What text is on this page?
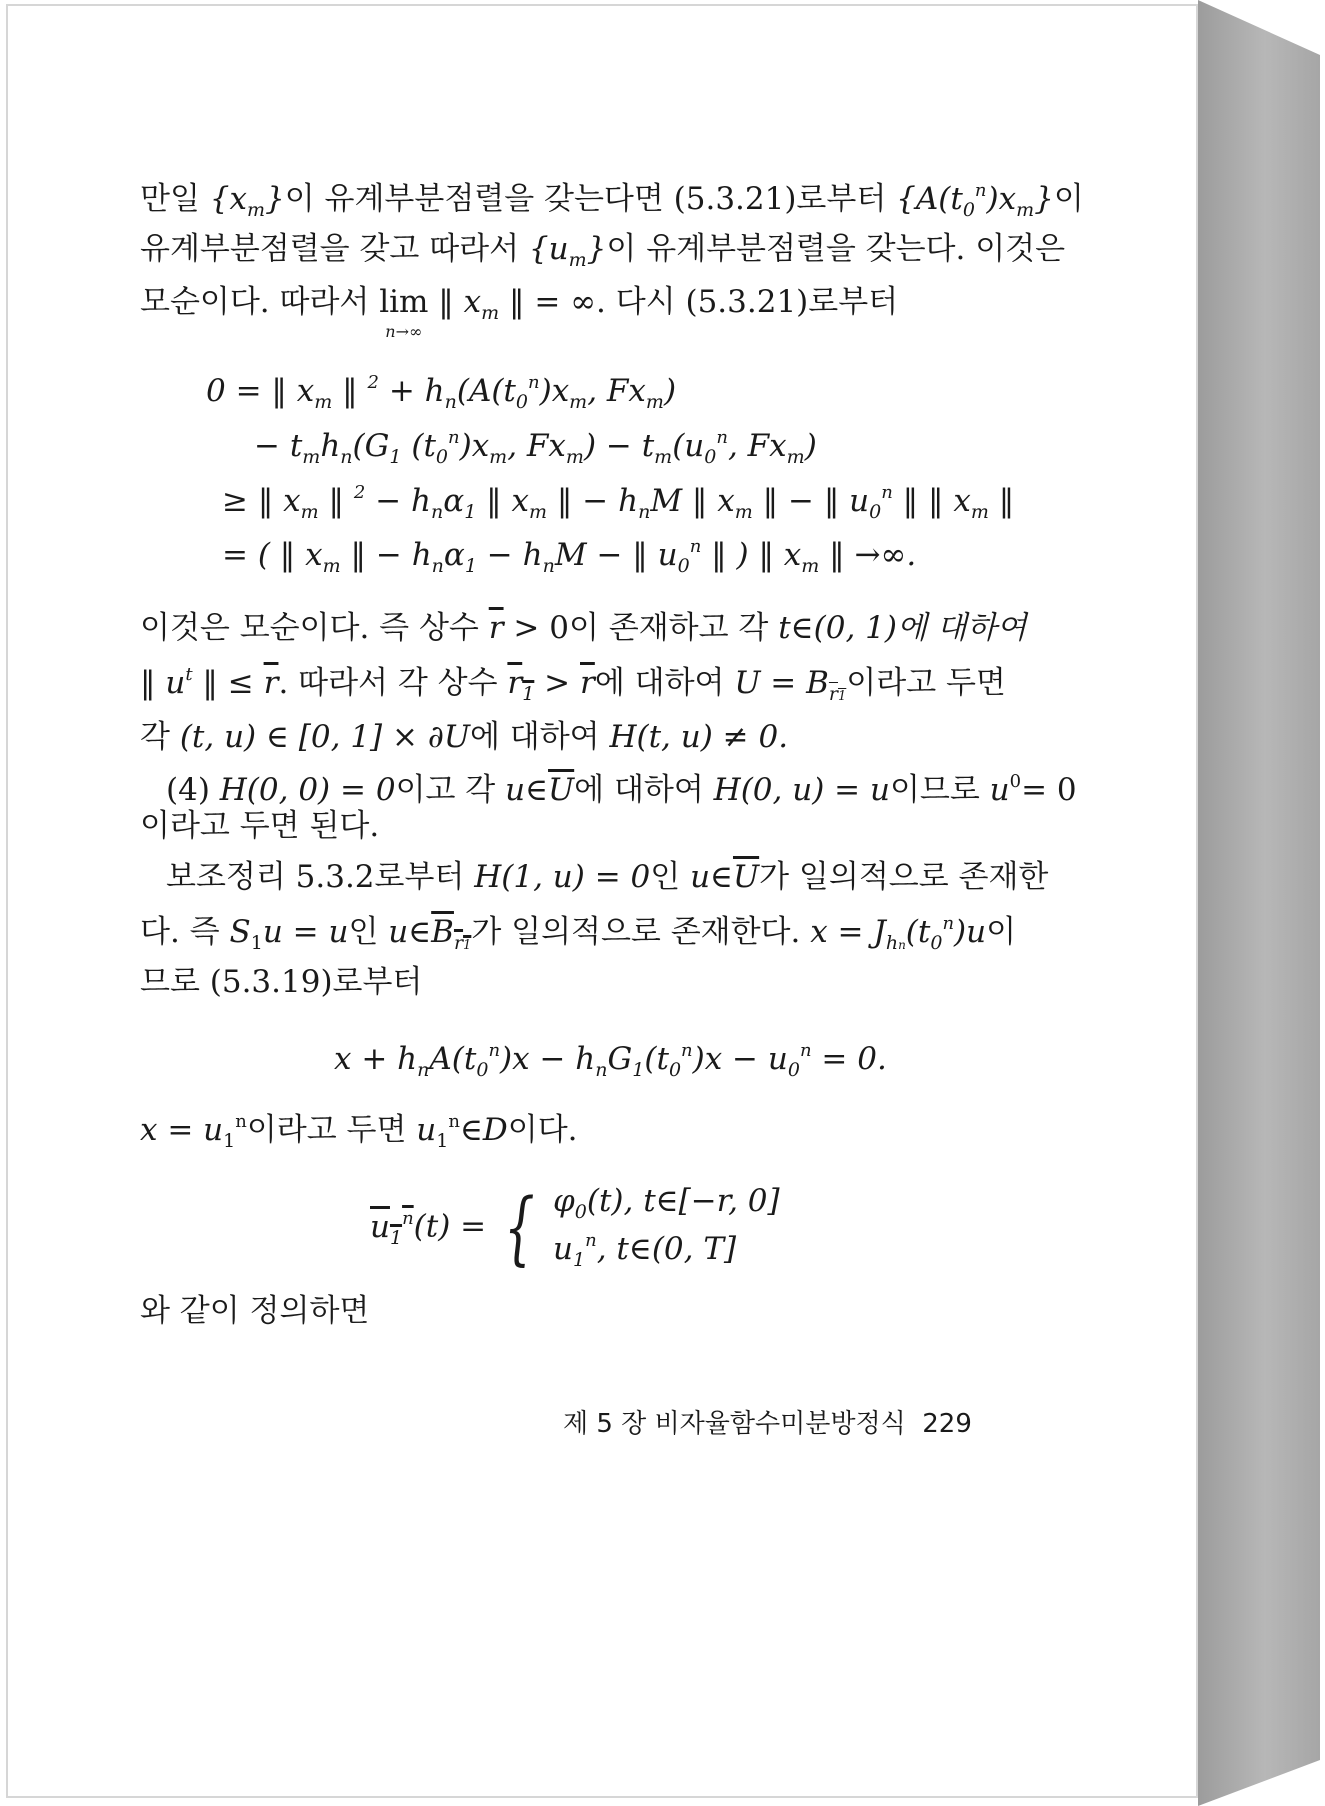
만일 $\{x_m\}$이 유계부분점렬을 갖는다면 (5.3.21)로부터 $\{A(t_0^n)x_m\}$이
유계부분점렬을 갖고 따라서 $\{u_m\}$이 유계부분점렬을 갖는다. 이것은
모순이다. 따라서 lim
n→∞
‖ $x_m$ ‖ = ∞. 다시 (5.3.21)로부터
0 = ‖ $x_m$ ‖ $^2 + h_n(A(t_0^n)x_m$, $Fx_m$)
− $t_mh_n(G_1$ $(t_0^n)x_m$, $Fx_m) - t_m(u_0^n$, $Fx_m$)
≥ ‖ $x_m$ ‖ $^2 - h_n\alpha_1$ ‖ $x_m$ ‖ − $h_nM$ ‖ $x_m$ ‖ − ‖ $u_0^n$ ‖ ‖ $x_m$ ‖
= ( ‖ $x_m$ ‖ − $h_n\alpha_1 - h_nM$ − ‖ $u_0^n$ ‖ ) ‖ $x_m$ ‖ →∞.
이것은 모순이다. 즉 상수 $\overline{r} > 0$이 존재하고 각 t∈(0, 1)에 대하여
‖ $u^t$ ‖ ≤ $\overline{r}$. 따라서 각 상수 $r_1 > \overline{r}$에 대하여 $U = B_{r1}$이라고 두면
각 (t, u) ∈ [0, 1] × ∂U에 대하여 H(t, u) ≠ 0.
(4) H(0, 0) = 0이고 각 $u\in\overline{U}$에 대하여 H(0, u) = u이므로 $u^0= 0$
이라고 두면 된다.
보조정리 5.3.2로부터 H(1, u) = 0인 $u\in\overline{U}$가 일의적으로 존재한
다. 즉 $S_1u = u$인 $u\in B_{r1}$가 일의적으로 존재한다. $x = J_{hn}(t_0^n)u$이
므로 (5.3.19)로부터
$x + h_nA(t_0^n)x - h_nG_1(t_0^n)x - u_0^n = 0$.
$x = u_1^n$이라고 두면 $u_1^n\in D$이다.
$u_1^n(t)$ = { $\varphi_0(t)$, t∈[−r, 0]
$u_1^n$, t∈(0, T]
와 같이 정의하면
제 5 장 비자율함수미분방정식 229
